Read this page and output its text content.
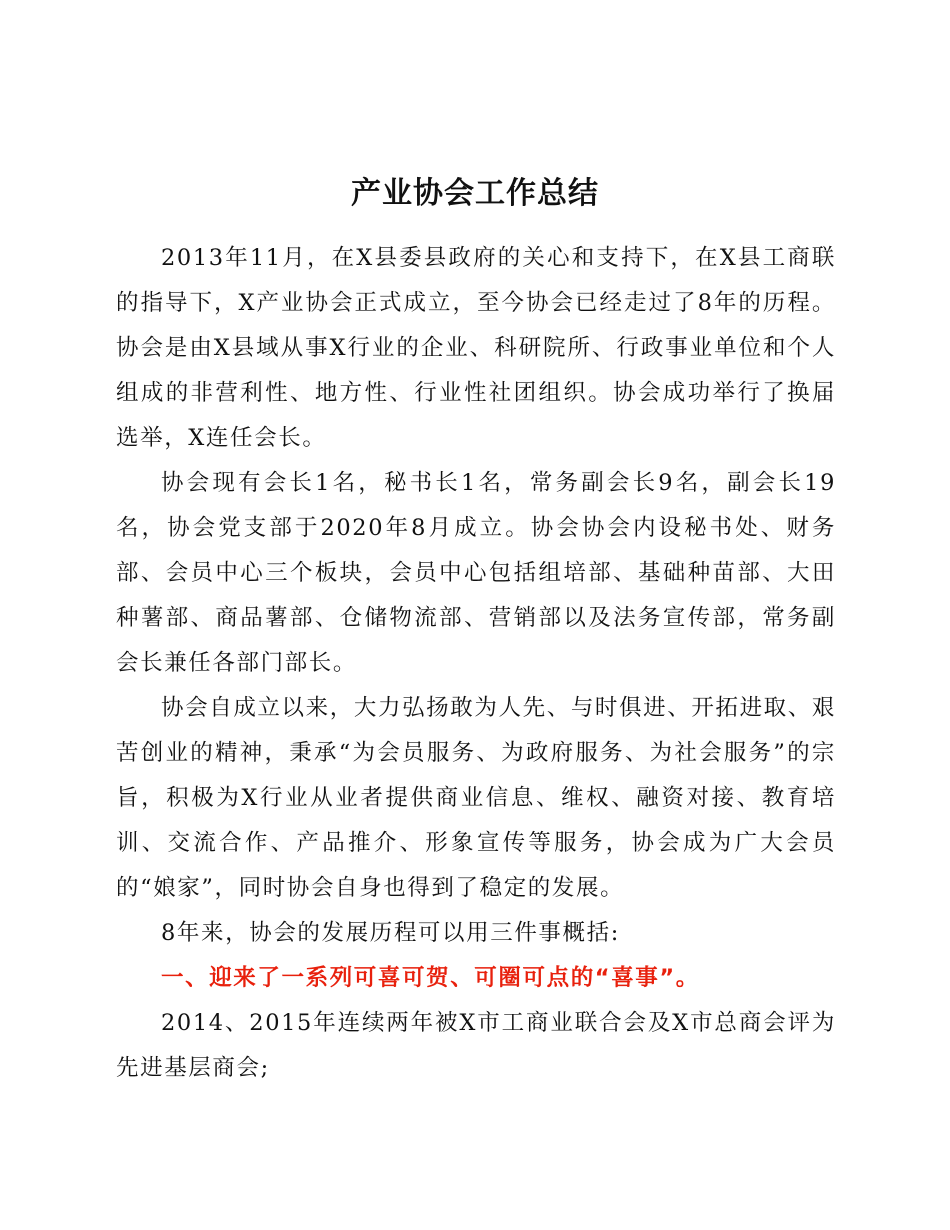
产业协会工作总结

2013年11月，在X县委县政府的关心和支持下，在X县工商联的指导下，X产业协会正式成立，至今协会已经走过了8年的历程。协会是由X县域从事X行业的企业、科研院所、行政事业单位和个人组成的非营利性、地方性、行业性社团组织。协会成功举行了换届选举，X连任会长。

协会现有会长1名，秘书长1名，常务副会长9名，副会长19名，协会党支部于2020年8月成立。协会协会内设秘书处、财务部、会员中心三个板块，会员中心包括组培部、基础种苗部、大田种薯部、商品薯部、仓储物流部、营销部以及法务宣传部，常务副会长兼任各部门部长。

协会自成立以来，大力弘扬敢为人先、与时俱进、开拓进取、艰苦创业的精神，秉承“为会员服务、为政府服务、为社会服务”的宗旨，积极为X行业从业者提供商业信息、维权、融资对接、教育培训、交流合作、产品推介、形象宣传等服务，协会成为广大会员的“娘家”，同时协会自身也得到了稳定的发展。

8年来，协会的发展历程可以用三件事概括:

一、迎来了一系列可喜可贺、可圈可点的“喜事”。

2014、2015年连续两年被X市工商业联合会及X市总商会评为先进基层商会;
